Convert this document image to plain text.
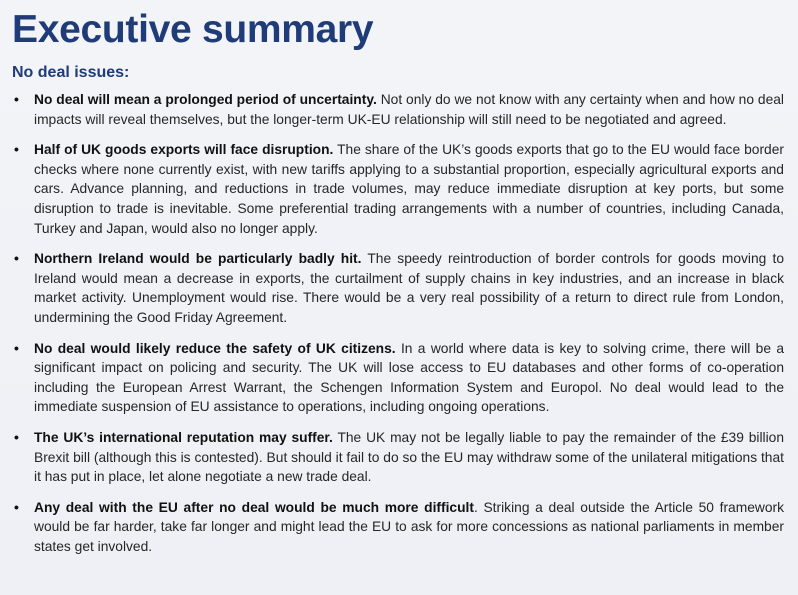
Executive summary
No deal issues:
• No deal will mean a prolonged period of uncertainty. Not only do we not know with any certainty when and how no deal impacts will reveal themselves, but the longer-term UK-EU relationship will still need to be negotiated and agreed.
• Half of UK goods exports will face disruption. The share of the UK’s goods exports that go to the EU would face border checks where none currently exist, with new tariffs applying to a substantial proportion, especially agricultural exports and cars. Advance planning, and reductions in trade volumes, may reduce immediate disruption at key ports, but some disruption to trade is inevitable. Some preferential trading arrangements with a number of countries, including Canada, Turkey and Japan, would also no longer apply.
• Northern Ireland would be particularly badly hit. The speedy reintroduction of border controls for goods moving to Ireland would mean a decrease in exports, the curtailment of supply chains in key industries, and an increase in black market activity. Unemployment would rise. There would be a very real possibility of a return to direct rule from London, undermining the Good Friday Agreement.
• No deal would likely reduce the safety of UK citizens. In a world where data is key to solving crime, there will be a significant impact on policing and security. The UK will lose access to EU databases and other forms of co-operation including the European Arrest Warrant, the Schengen Information System and Europol. No deal would lead to the immediate suspension of EU assistance to operations, including ongoing operations.
• The UK’s international reputation may suffer. The UK may not be legally liable to pay the remainder of the £39 billion Brexit bill (although this is contested). But should it fail to do so the EU may withdraw some of the unilateral mitigations that it has put in place, let alone negotiate a new trade deal.
• Any deal with the EU after no deal would be much more difficult. Striking a deal outside the Article 50 framework would be far harder, take far longer and might lead the EU to ask for more concessions as national parliaments in member states get involved.
